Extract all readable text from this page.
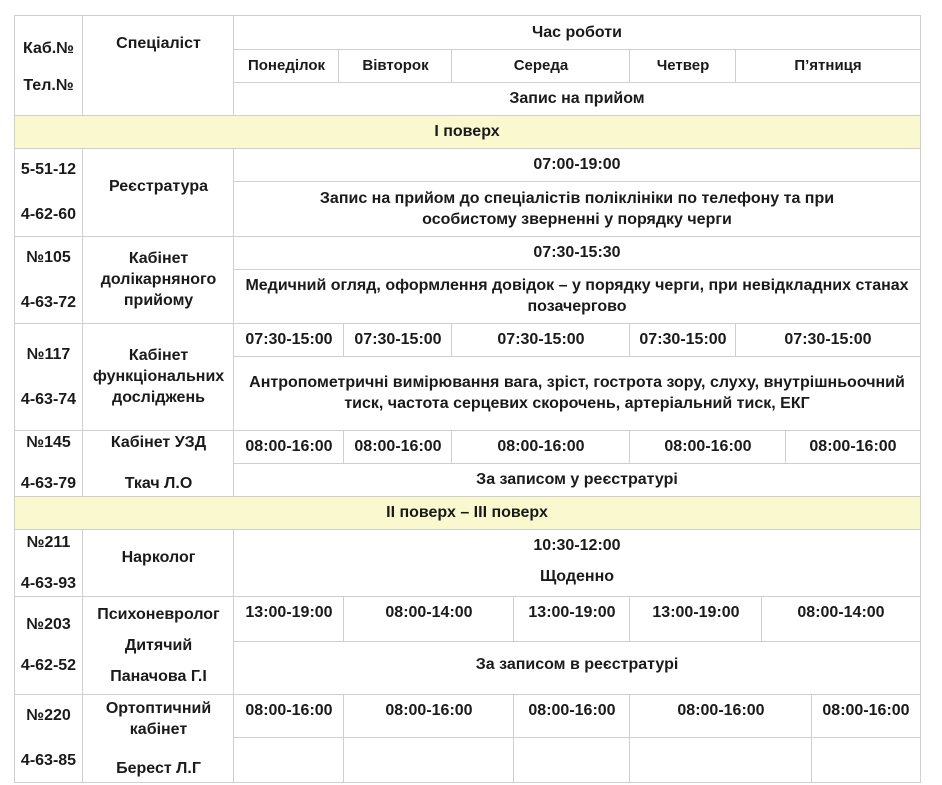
Каб.№
Тел.№
Спеціаліст
Час роботи
Понеділок	Вівторок	Середа	Четвер	П’ятниця
Запис на прийом
І поверх
5-51-12
4-62-60
Реєстратура
07:00-19:00
Запис на прийом до спеціалістів поліклініки по телефону та при особистому зверненні у порядку черги
№105
4-63-72
Кабінет долікарняного прийому
07:30-15:30
Медичний огляд, оформлення довідок – у порядку черги, при невідкладних станах позачергово
№117
4-63-74
Кабінет функціональних досліджень
07:30-15:00	07:30-15:00	07:30-15:00	07:30-15:00	07:30-15:00
Антропометричні вимірювання вага, зріст, гострота зору, слуху, внутрішньоочний тиск, частота серцевих скорочень, артеріальний тиск, ЕКГ
№145
4-63-79
Кабінет УЗД
Ткач Л.О
08:00-16:00	08:00-16:00	08:00-16:00	08:00-16:00	08:00-16:00
За записом у реєстратурі
ІІ поверх – ІІІ поверх
№211
4-63-93
Нарколог
10:30-12:00
Щоденно
№203
4-62-52
Психоневролог
Дитячий
Паначова Г.І
13:00-19:00	08:00-14:00	13:00-19:00	13:00-19:00	08:00-14:00
За записом в реєстратурі
№220
4-63-85
Ортоптичний кабінет
Берест Л.Г
08:00-16:00	08:00-16:00	08:00-16:00	08:00-16:00	08:00-16:00
